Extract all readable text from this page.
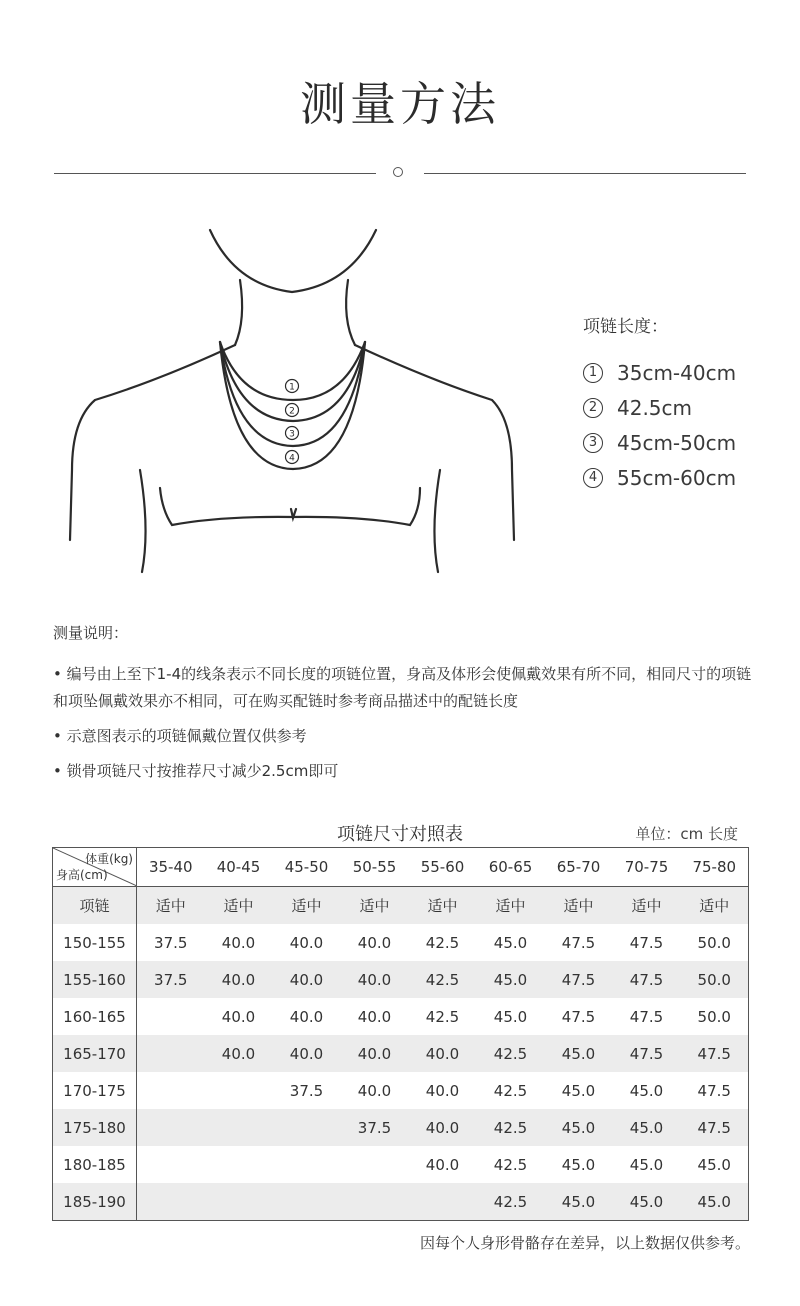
测量方法
1
2
3
4
项链长度：
1 35cm-40cm
2 42.5cm
3 45cm-50cm
4 55cm-60cm
测量说明：
• 编号由上至下1-4的线条表示不同长度的项链位置，身高及体形会使佩戴效果有所不同，相同尺寸的项链和项坠佩戴效果亦不相同，可在购买配链时参考商品描述中的配链长度
• 示意图表示的项链佩戴位置仅供参考
• 锁骨项链尺寸按推荐尺寸减少2.5cm即可
项链尺寸对照表	单位：cm 长度
体重(kg)
身高(cm)	35-40	40-45	45-50	50-55	55-60	60-65	65-70	70-75	75-80
项链	适中	适中	适中	适中	适中	适中	适中	适中	适中
150-155	37.5	40.0	40.0	40.0	42.5	45.0	47.5	47.5	50.0
155-160	37.5	40.0	40.0	40.0	42.5	45.0	47.5	47.5	50.0
160-165		40.0	40.0	40.0	42.5	45.0	47.5	47.5	50.0
165-170		40.0	40.0	40.0	40.0	42.5	45.0	47.5	47.5
170-175			37.5	40.0	40.0	42.5	45.0	45.0	47.5
175-180				37.5	40.0	42.5	45.0	45.0	47.5
180-185					40.0	42.5	45.0	45.0	45.0
185-190						42.5	45.0	45.0	45.0
因每个人身形骨骼存在差异，以上数据仅供参考。
